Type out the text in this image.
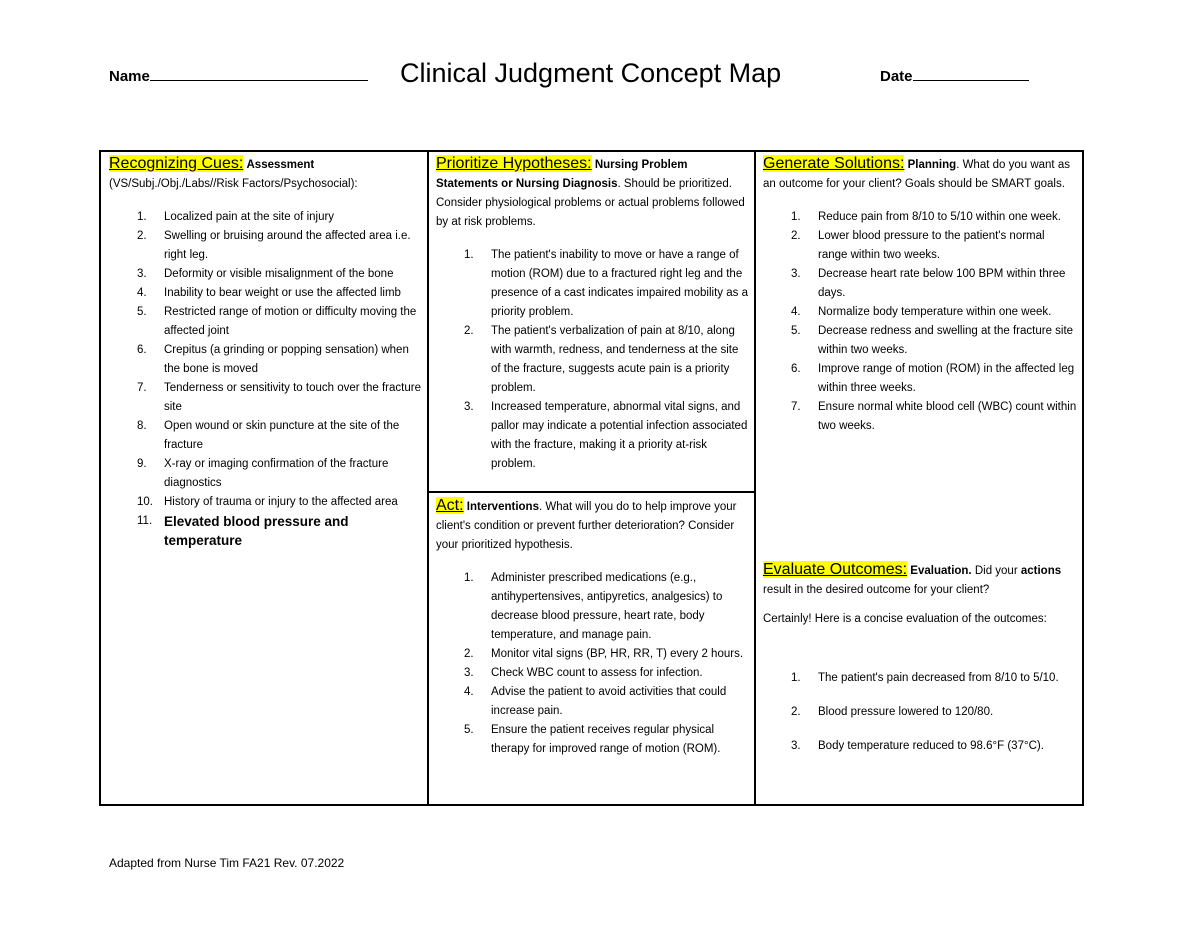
Name	Clinical Judgment Concept Map	Date
Recognizing Cues: Assessment
(VS/Subj./Obj./Labs//Risk Factors/Psychosocial):
1. Localized pain at the site of injury
2. Swelling or bruising around the affected area i.e. right leg.
3. Deformity or visible misalignment of the bone
4. Inability to bear weight or use the affected limb
5. Restricted range of motion or difficulty moving the affected joint
6. Crepitus (a grinding or popping sensation) when the bone is moved
7. Tenderness or sensitivity to touch over the fracture site
8. Open wound or skin puncture at the site of the fracture
9. X-ray or imaging confirmation of the fracture diagnostics
10. History of trauma or injury to the affected area
11. Elevated blood pressure and temperature
Prioritize Hypotheses: Nursing Problem Statements or Nursing Diagnosis. Should be prioritized. Consider physiological problems or actual problems followed by at risk problems.
1. The patient's inability to move or have a range of motion (ROM) due to a fractured right leg and the presence of a cast indicates impaired mobility as a priority problem.
2. The patient's verbalization of pain at 8/10, along with warmth, redness, and tenderness at the site of the fracture, suggests acute pain is a priority problem.
3. Increased temperature, abnormal vital signs, and pallor may indicate a potential infection associated with the fracture, making it a priority at-risk problem.
Act: Interventions. What will you do to help improve your client's condition or prevent further deterioration? Consider your prioritized hypothesis.
1. Administer prescribed medications (e.g., antihypertensives, antipyretics, analgesics) to decrease blood pressure, heart rate, body temperature, and manage pain.
2. Monitor vital signs (BP, HR, RR, T) every 2 hours.
3. Check WBC count to assess for infection.
4. Advise the patient to avoid activities that could increase pain.
5. Ensure the patient receives regular physical therapy for improved range of motion (ROM).
Generate Solutions: Planning. What do you want as an outcome for your client? Goals should be SMART goals.
1. Reduce pain from 8/10 to 5/10 within one week.
2. Lower blood pressure to the patient's normal range within two weeks.
3. Decrease heart rate below 100 BPM within three days.
4. Normalize body temperature within one week.
5. Decrease redness and swelling at the fracture site within two weeks.
6. Improve range of motion (ROM) in the affected leg within three weeks.
7. Ensure normal white blood cell (WBC) count within two weeks.
Evaluate Outcomes: Evaluation. Did your actions result in the desired outcome for your client?
Certainly! Here is a concise evaluation of the outcomes:
1. The patient's pain decreased from 8/10 to 5/10.
2. Blood pressure lowered to 120/80.
3. Body temperature reduced to 98.6°F (37°C).
Adapted from Nurse Tim FA21 Rev. 07.2022
